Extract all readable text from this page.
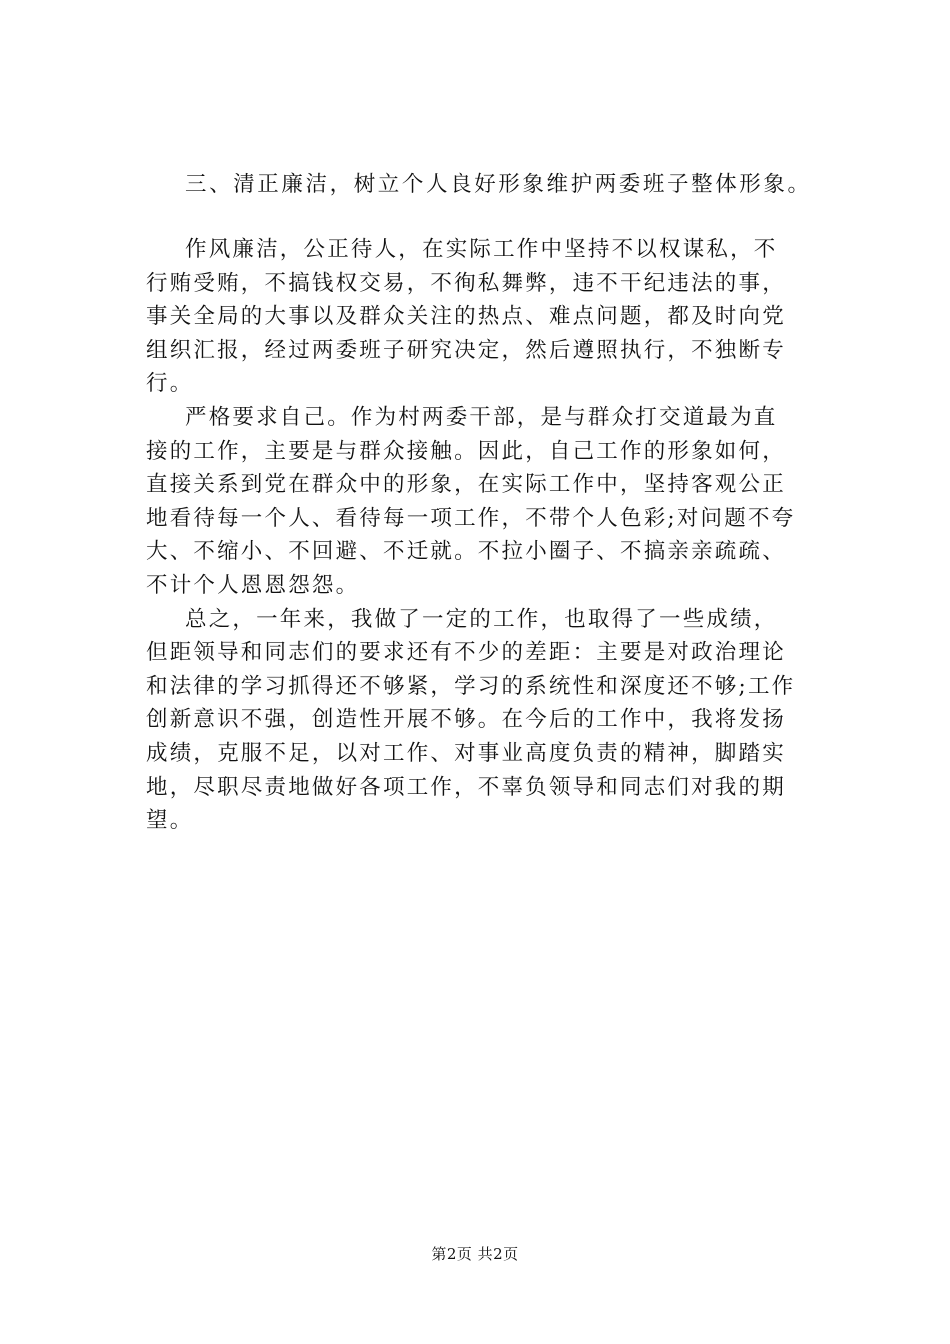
三、清正廉洁，树立个人良好形象维护两委班子整体形象。

作风廉洁，公正待人，在实际工作中坚持不以权谋私，不
行贿受贿，不搞钱权交易，不徇私舞弊，违不干纪违法的事，
事关全局的大事以及群众关注的热点、难点问题，都及时向党
组织汇报，经过两委班子研究决定，然后遵照执行，不独断专
行。

严格要求自己。作为村两委干部，是与群众打交道最为直
接的工作，主要是与群众接触。因此，自己工作的形象如何，
直接关系到党在群众中的形象，在实际工作中，坚持客观公正
地看待每一个人、看待每一项工作，不带个人色彩;对问题不夸
大、不缩小、不回避、不迁就。不拉小圈子、不搞亲亲疏疏、
不计个人恩恩怨怨。

总之，一年来，我做了一定的工作，也取得了一些成绩，
但距领导和同志们的要求还有不少的差距：主要是对政治理论
和法律的学习抓得还不够紧，学习的系统性和深度还不够;工作
创新意识不强，创造性开展不够。在今后的工作中，我将发扬
成绩，克服不足，以对工作、对事业高度负责的精神，脚踏实
地，尽职尽责地做好各项工作，不辜负领导和同志们对我的期
望。

第2页 共2页
